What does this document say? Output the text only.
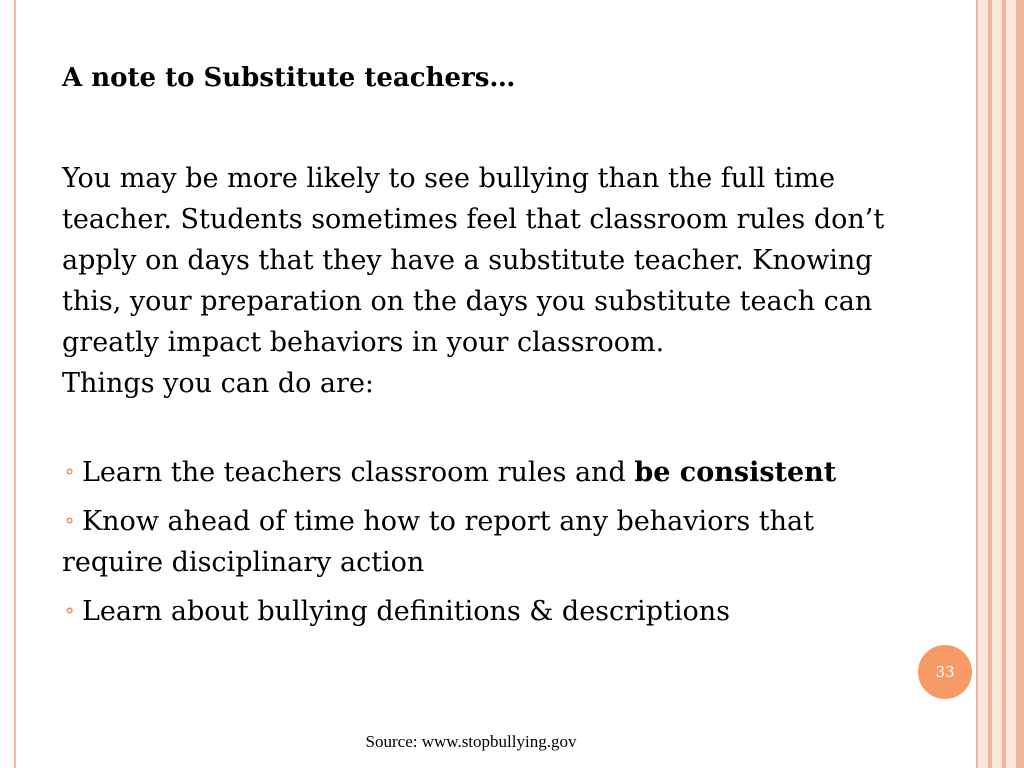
A note to Substitute teachers…

You may be more likely to see bullying than the full time teacher. Students sometimes feel that classroom rules don’t apply on days that they have a substitute teacher. Knowing this, your preparation on the days you substitute teach can greatly impact behaviors in your classroom.

Things you can do are:

⚬ Learn the teachers classroom rules and be consistent
⚬ Know ahead of time how to report any behaviors that require disciplinary action
⚬ Learn about bullying definitions & descriptions
33
Source: www.stopbullying.gov
